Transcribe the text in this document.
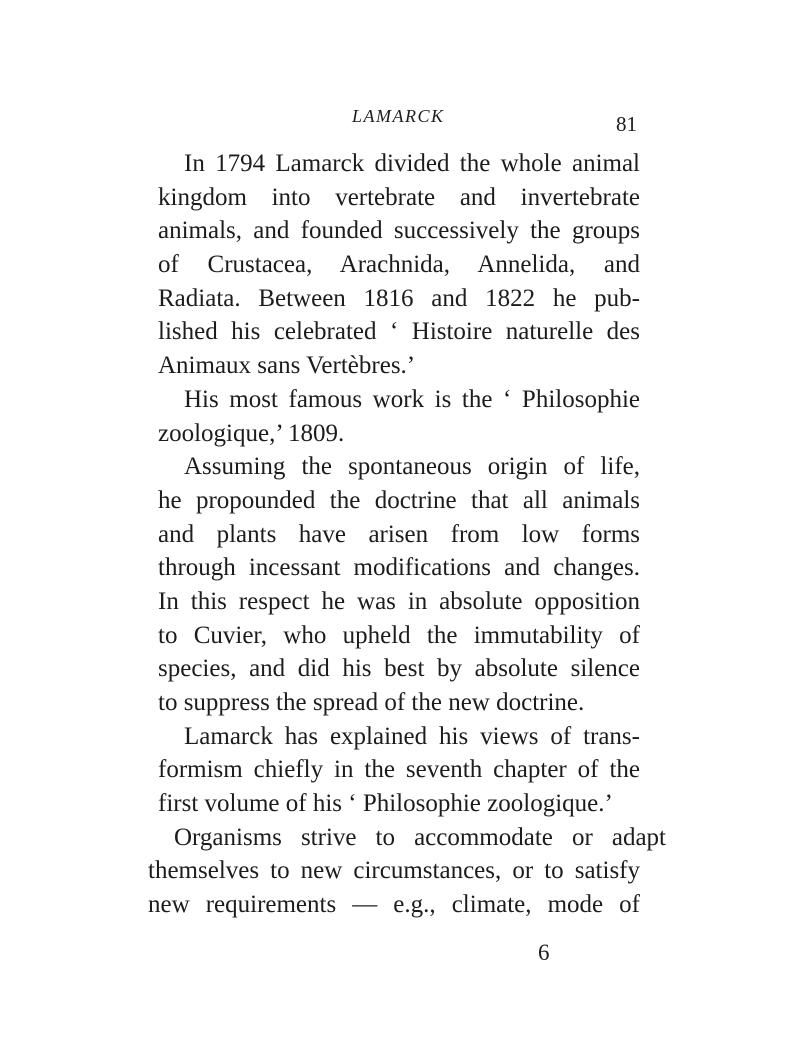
LAMARCK	81
In 1794 Lamarck divided the whole animal
kingdom into vertebrate and invertebrate
animals, and founded successively the groups
of Crustacea, Arachnida, Annelida, and
Radiata. Between 1816 and 1822 he pub-
lished his celebrated ‘ Histoire naturelle des
Animaux sans Vertèbres.’
His most famous work is the ‘ Philosophie
zoologique,’ 1809.
Assuming the spontaneous origin of life,
he propounded the doctrine that all animals
and plants have arisen from low forms
through incessant modifications and changes.
In this respect he was in absolute opposition
to Cuvier, who upheld the immutability of
species, and did his best by absolute silence
to suppress the spread of the new doctrine.
Lamarck has explained his views of trans-
formism chiefly in the seventh chapter of the
first volume of his ‘ Philosophie zoologique.’
Organisms strive to accommodate or adapt
themselves to new circumstances, or to satisfy
new requirements — e.g., climate, mode of
6
